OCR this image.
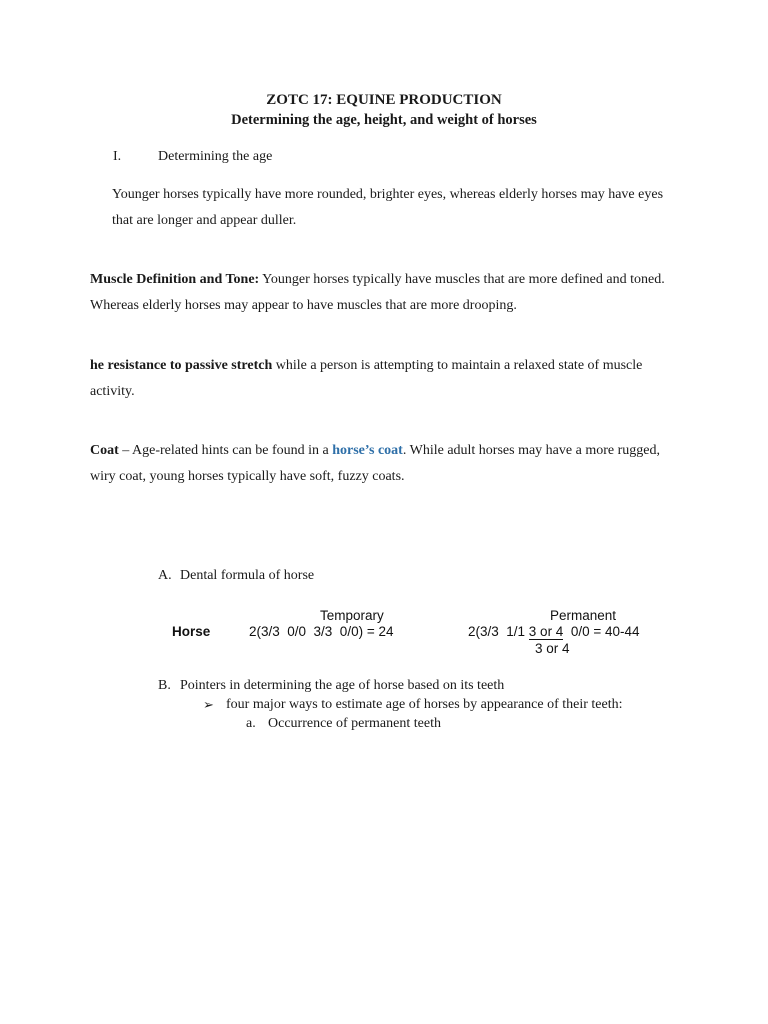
ZOTC 17: EQUINE PRODUCTION
Determining the age, height, and weight of horses
I.	Determining the age
Younger horses typically have more rounded, brighter eyes, whereas elderly horses may have eyes that are longer and appear duller.
Muscle Definition and Tone: Younger horses typically have muscles that are more defined and toned. Whereas elderly horses may appear to have muscles that are more drooping.
he resistance to passive stretch while a person is attempting to maintain a relaxed state of muscle activity.
Coat – Age-related hints can be found in a horse’s coat. While adult horses may have a more rugged, wiry coat, young horses typically have soft, fuzzy coats.
A. Dental formula of horse
Temporary	Permanent
Horse	2(3/3  0/0  3/3  0/0) = 24	2(3/3  1/1 3 or 4  0/0 = 40-44
3 or 4
B. Pointers in determining the age of horse based on its teeth
➢ four major ways to estimate age of horses by appearance of their teeth:
a. Occurrence of permanent teeth
